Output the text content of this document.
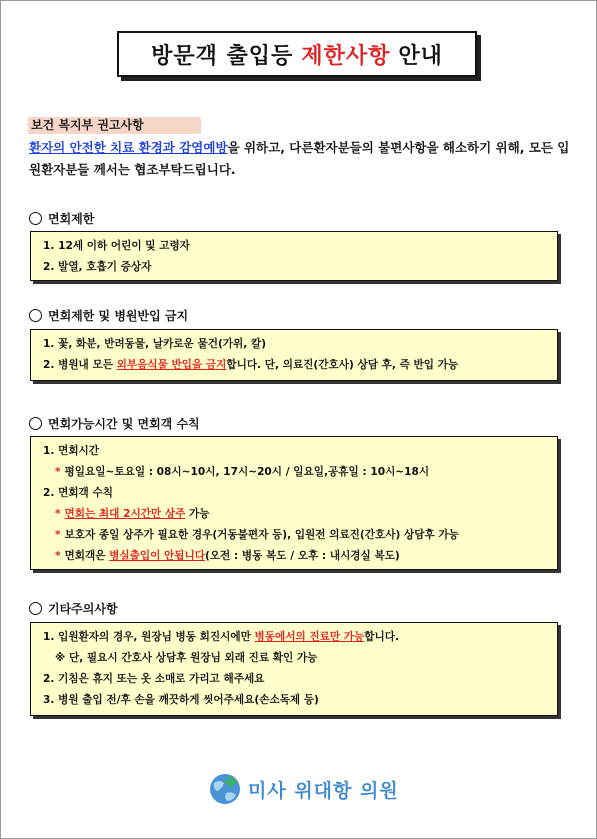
방문객 출입등 제한사항 안내
보건 복지부 권고사항
환자의 안전한 치료 환경과 감염예방을 위하고, 다른환자분들의 불편사항을 해소하기 위해, 모든 입원환자분들 께서는 협조부탁드립니다.
면회제한
1. 12세 이하 어린이 및 고령자
2. 발열, 호흡기 증상자
면회제한 및 병원반입 금지
1. 꽃, 화분, 반려동물, 날카로운 물건(가위, 칼)
2. 병원내 모든 외부음식물 반입을 금지합니다. 단, 의료진(간호사) 상담 후, 즉 반입 가능
면회가능시간 및 면회객 수칙
1. 면회시간
* 평일요일~토요일 : 08시~10시, 17시~20시 / 일요일,공휴일 : 10시~18시
2. 면회객 수칙
* 면회는 최대 2시간만 상주 가능
* 보호자 종일 상주가 필요한 경우(거동불편자 등), 입원전 의료진(간호사) 상담후 가능
* 면회객은 병실출입이 안됩니다(오전 : 병동 복도 / 오후 : 내시경실 복도)
기타주의사항
1. 입원환자의 경우, 원장님 병동 회진시에만 병동에서의 진료만 가능합니다.
※ 단, 필요시 간호사 상담후 원장님 외래 진료 확인 가능
2. 기침은 휴지 또는 옷 소매로 가리고 해주세요
3. 병원 출입 전/후 손을 깨끗하게 씻어주세요(손소독제 등)
미사 위대항 의원
